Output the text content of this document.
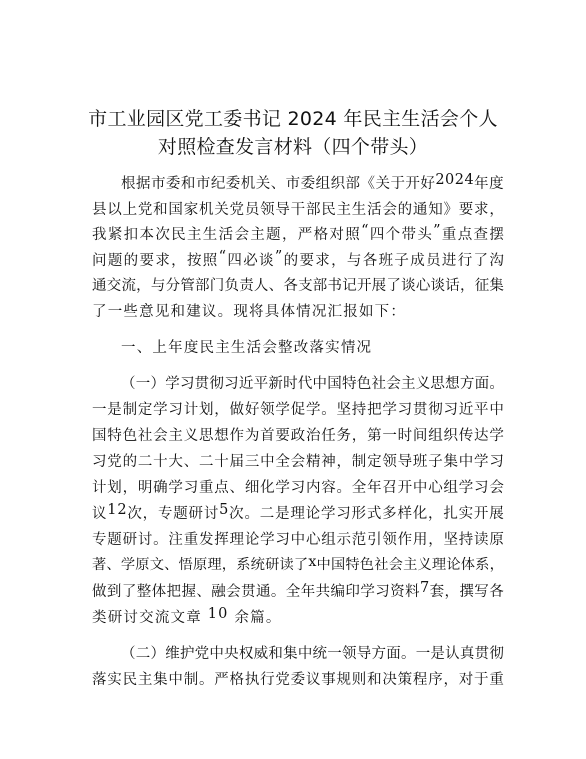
市工业园区党工委书记 2024 年民主生活会个人
对照检查发言材料（四个带头）
根 据 市 委 和 市 纪 委 机 关 、 市 委 组 织 部 《 关 于 开 好 2 0 2 4 年 度
县 以 上 党 和 国 家 机 关 党 员 领 导 干 部 民 主 生 活 会 的 通 知 》 要 求 ，
我 紧 扣 本 次 民 主 生 活 会 主 题 ， 严 格 对 照 “ 四 个 带 头 ” 重 点 查 摆
问 题 的 要 求 ， 按 照 “ 四 必 谈 ” 的 要 求 ， 与 各 班 子 成 员 进 行 了 沟
通 交 流 ， 与 分 管 部 门 负 责 人 、 各 支 部 书 记 开 展 了 谈 心 谈 话 ， 征 集
了 一 些 意 见 和 建 议 。 现 将 具 体 情 况 汇 报 如 下 ：
一 、 上 年 度 民 主 生 活 会 整 改 落 实 情 况
（ 一 ） 学 习 贯 彻 习 近 平 新 时 代 中 国 特 色 社 会 主 义 思 想 方 面 。
一 是 制 定 学 习 计 划 ， 做 好 领 学 促 学 。 坚 持 把 学 习 贯 彻 习 近 平 中
国 特 色 社 会 主 义 思 想 作 为 首 要 政 治 任 务 ， 第 一 时 间 组 织 传 达 学
习 党 的 二 十 大 、 二 十 届 三 中 全 会 精 神 ， 制 定 领 导 班 子 集 中 学 习
计 划 ， 明 确 学 习 重 点 、 细 化 学 习 内 容 。 全 年 召 开 中 心 组 学 习 会
议 1 2 次 ， 专 题 研 讨 5 次 。 二 是 理 论 学 习 形 式 多 样 化 ， 扎 实 开 展
专 题 研 讨 。 注 重 发 挥 理 论 学 习 中 心 组 示 范 引 领 作 用 ， 坚 持 读 原
著 、 学 原 文 、 悟 原 理 ， 系 统 研 读 了 x 中 国 特 色 社 会 主 义 理 论 体 系 ，
做 到 了 整 体 把 握 、 融 会 贯 通 。 全 年 共 编 印 学 习 资 料 7 套 ， 撰 写 各
类 研 讨 交 流 文 章
1 0
余 篇 。
（ 二 ） 维 护 党 中 央 权 威 和 集 中 统 一 领 导 方 面 。 一 是 认 真 贯 彻
落 实 民 主 集 中 制 。 严 格 执 行 党 委 议 事 规 则 和 决 策 程 序 ， 对 于 重
